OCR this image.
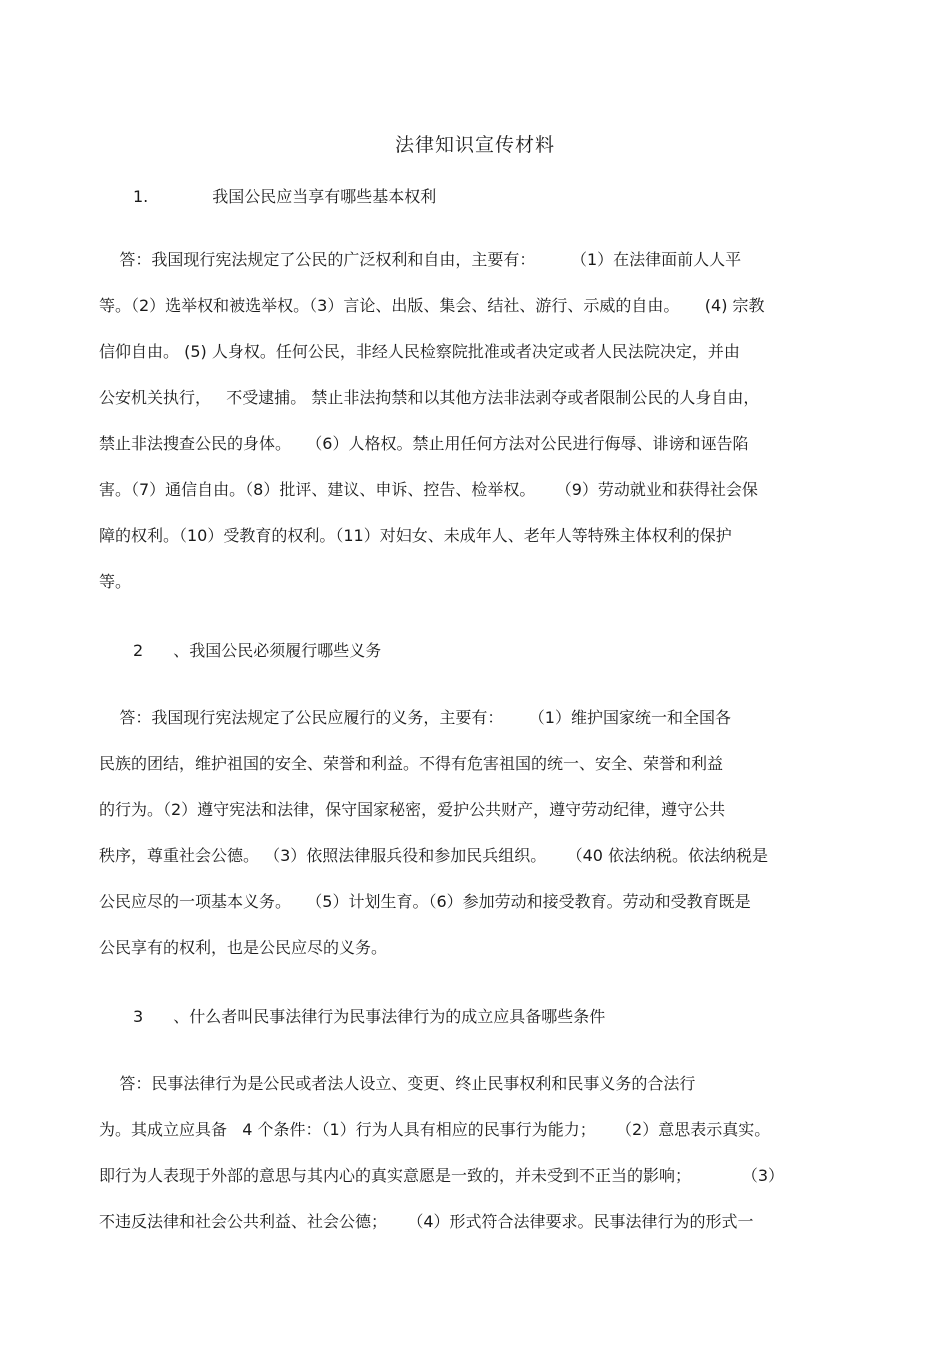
法律知识宣传材料
1.	我国公民应当享有哪些基本权利
答：我国现行宪法规定了公民的广泛权利和自由，主要有：       （1）在法律面前人人平
等。（2）选举权和被选举权。（3）言论、出版、集会、结社、游行、示威的自由。     (4) 宗教
信仰自由。 (5) 人身权。任何公民，非经人民检察院批准或者决定或者人民法院决定，并由
公安机关执行，   不受逮捕。 禁止非法拘禁和以其他方法非法剥夺或者限制公民的人身自由，
禁止非法搜查公民的身体。   （6）人格权。禁止用任何方法对公民进行侮辱、诽谤和诬告陷
害。（7）通信自由。（8）批评、建议、申诉、控告、检举权。    （9）劳动就业和获得社会保
障的权利。（10）受教育的权利。（11）对妇女、未成年人、老年人等特殊主体权利的保护
等。
2 、我国公民必须履行哪些义务
答：我国现行宪法规定了公民应履行的义务，主要有：     （1）维护国家统一和全国各
民族的团结，维护祖国的安全、荣誉和利益。不得有危害祖国的统一、安全、荣誉和利益
的行为。（2）遵守宪法和法律，保守国家秘密，爱护公共财产，遵守劳动纪律，遵守公共
秩序，尊重社会公德。 （3）依照法律服兵役和参加民兵组织。    （40 依法纳税。依法纳税是
公民应尽的一项基本义务。   （5）计划生育。（6）参加劳动和接受教育。劳动和受教育既是
公民享有的权利，也是公民应尽的义务。
3 、什么者叫民事法律行为民事法律行为的成立应具备哪些条件
答：民事法律行为是公民或者法人设立、变更、终止民事权利和民事义务的合法行
为。其成立应具备   4 个条件：（1）行为人具有相应的民事行为能力；    （2）意思表示真实。
即行为人表现于外部的意思与其内心的真实意愿是一致的，并未受到不正当的影响；          （3）
不违反法律和社会公共利益、社会公德；    （4）形式符合法律要求。民事法律行为的形式一
